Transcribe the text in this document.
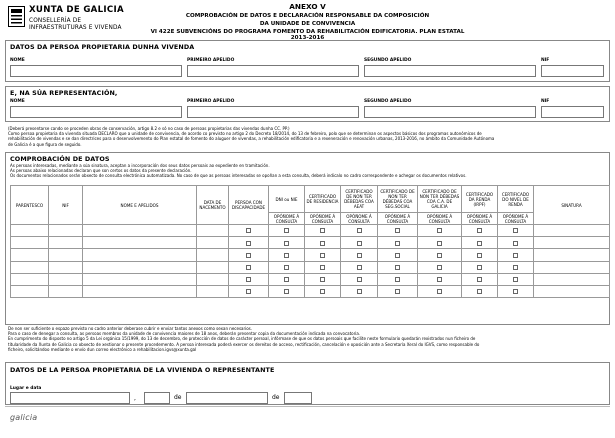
XUNTA DE GALICIA
CONSELLERÍA DE
INFRAESTRUTURAS E VIVENDA
ANEXO V
COMPROBACIÓN DE DATOS E DECLARACIÓN RESPONSABLE DA COMPOSICIÓN
DA UNIDADE DE CONVIVENCIA
VI 422E SUBVENCIÓNS DO PROGRAMA FOMENTO DA REHABILITACIÓN EDIFICATORIA. PLAN ESTATAL 2013-2016
DATOS DA PERSOA PROPIETARIA DUNHA VIVENDA
NOME	PRIMEIRO APELIDO	SEGUNDO APELIDO	NIF
E, NA SÚA REPRESENTACIÓN,
NOME	PRIMEIRO APELIDO	SEGUNDO APELIDO	NIF
(Deberá presentarse cando se proceden obras de conservación, artigo 8.2 e só no caso de persoas propietarias das vivendas dunha CC. PP.)
Como persoa propietaria da vivenda situada DECLARO que a unidade de convivencia, de acordo co previsto no artigo 2 do Decreto 18/2014, do 13 de febreiro, polo que se determinan os aspectos básicos dos programas autonómicos de
rehabilitación de vivendas e se dan directrices para o desenvolvemento do Plan estatal de fomento do aluguer de vivendas, a rehabilitación edificatoria e a rexeneración e renovación urbanas, 2013-2016, no ámbito da Comunidade Autónoma
de Galicia é a que figura de seguido.
COMPROBACIÓN DE DATOS
As persoas interesadas, mediante a súa sinatura, aceptan a incorporación dos seus datos persoais ao expediente en tramitación.
As persoas abaixo relacionadas declaran que son certos os datos da presente declaración.
Os documentos relacionados serán obxecto de consulta electrónica automatizada. No caso de que as persoas interesadas se opoñan a esta consulta, deberá indicalo no cadro correspondente e achegar os documentos relativos.
PARENTESCO	NIF	NOME E APELIDOS	DATA DE NACEMENTO	PERSOA CON DISCAPACIDADE	DNI ou NIE	CERTIFICADO DE RESIDENCIA	CERTIFICADO DE NON TER DÉBEDAS COA AEAT	CERTIFICADO DE NON TER DÉBEDAS COA SEG.SOCIAL	CERTIFICADO DE NON TER DÉBEDAS COA C.A. DE GALICIA	CERTIFICADO DA RENDA (IRPF)	CERTIFICADO DO NIVEL DE RENDA	SINATURA
					OPÓÑOME Á CONSULTA	OPÓÑOME Á CONSULTA	OPÓÑOME Á CONSULTA	OPÓÑOME Á CONSULTA	OPÓÑOME Á CONSULTA	OPÓÑOME Á CONSULTA	OPÓÑOME Á CONSULTA	

De non ser suficiente o espazo previsto no cadro anterior deberase cubrir e enviar tantos anexos como sexan necesarios.
Para o caso de denegar a consulta, as persoas membros da unidade de convivencia maiores de 18 anos, deberán presentar copia da documentación indicada na convocatoria.
En cumprimento do disposto no artigo 5 da Lei orgánica 15/1999, do 13 de decembro, de protección de datos de carácter persoal, infórmase de que os datos persoais que facilite neste formulario quedarán rexistrados nun ficheiro de
titularidade da Xunta de Galicia co obxecto de xestionar o presente procedemento. A persoa interesada poderá exercer os dereitos de acceso, rectificación, cancelación e oposición ante a Secretaría Xeral do IGVS, como responsable do
ficheiro, solicitándoo mediante o envío dun correo electrónico a rehabilitacion.igvs@xunta.gal
DATOS DE LA PERSOA PROPIETARIA DE LA VIVIENDA O REPRESENTANTE
Lugar e data
,	de	de
galicia
